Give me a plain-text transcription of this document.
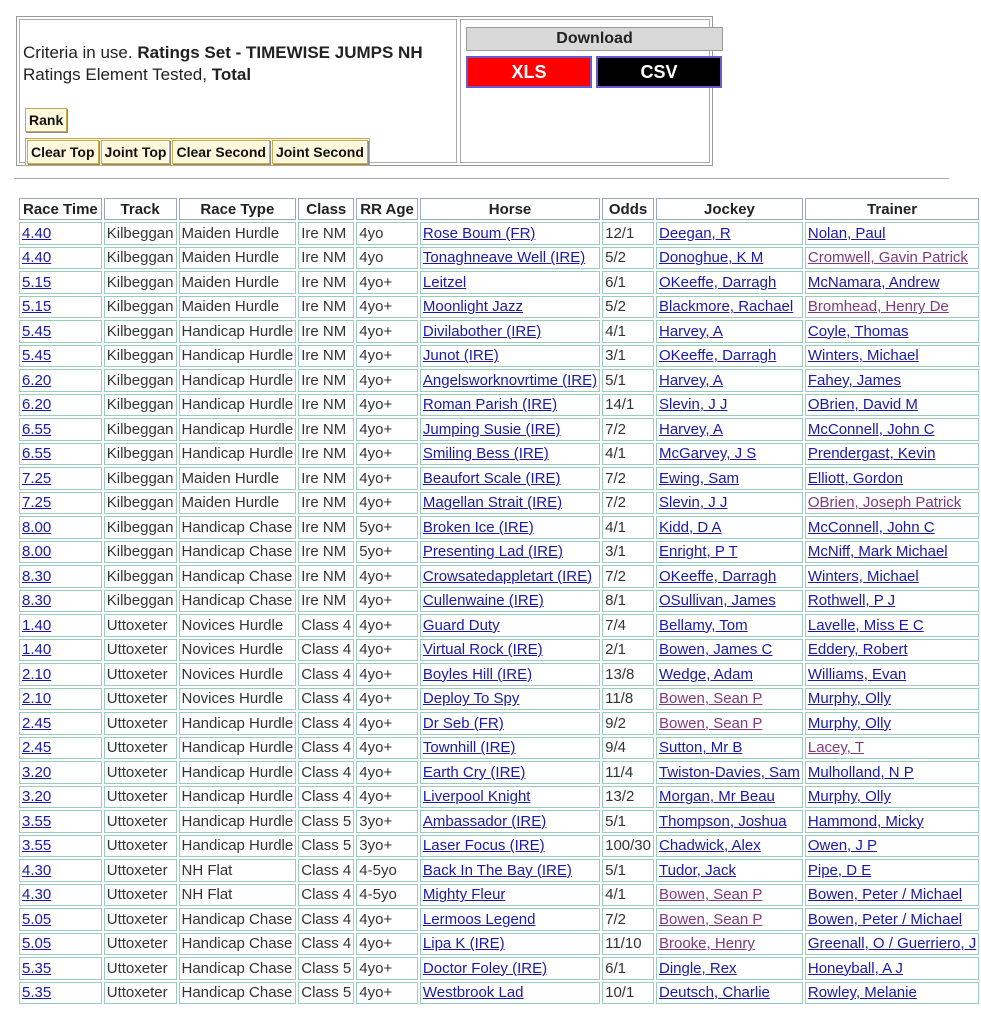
Criteria in use. Ratings Set - TIMEWISE JUMPS NH
Ratings Element Tested, Total
Rank
Clear Top Joint Top Clear Second Joint Second
Download
XLS	CSV
Race Time	Track	Race Type	Class	RR Age	Horse	Odds	Jockey	Trainer
4.40	Kilbeggan	Maiden Hurdle	Ire NM	4yo	Rose Boum (FR)	12/1	Deegan, R	Nolan, Paul
4.40	Kilbeggan	Maiden Hurdle	Ire NM	4yo	Tonaghneave Well (IRE)	5/2	Donoghue, K M	Cromwell, Gavin Patrick
5.15	Kilbeggan	Maiden Hurdle	Ire NM	4yo+	Leitzel	6/1	OKeeffe, Darragh	McNamara, Andrew
5.15	Kilbeggan	Maiden Hurdle	Ire NM	4yo+	Moonlight Jazz	5/2	Blackmore, Rachael	Bromhead, Henry De
5.45	Kilbeggan	Handicap Hurdle	Ire NM	4yo+	Divilabother (IRE)	4/1	Harvey, A	Coyle, Thomas
5.45	Kilbeggan	Handicap Hurdle	Ire NM	4yo+	Junot (IRE)	3/1	OKeeffe, Darragh	Winters, Michael
6.20	Kilbeggan	Handicap Hurdle	Ire NM	4yo+	Angelsworknovrtime (IRE)	5/1	Harvey, A	Fahey, James
6.20	Kilbeggan	Handicap Hurdle	Ire NM	4yo+	Roman Parish (IRE)	14/1	Slevin, J J	OBrien, David M
6.55	Kilbeggan	Handicap Hurdle	Ire NM	4yo+	Jumping Susie (IRE)	7/2	Harvey, A	McConnell, John C
6.55	Kilbeggan	Handicap Hurdle	Ire NM	4yo+	Smiling Bess (IRE)	4/1	McGarvey, J S	Prendergast, Kevin
7.25	Kilbeggan	Maiden Hurdle	Ire NM	4yo+	Beaufort Scale (IRE)	7/2	Ewing, Sam	Elliott, Gordon
7.25	Kilbeggan	Maiden Hurdle	Ire NM	4yo+	Magellan Strait (IRE)	7/2	Slevin, J J	OBrien, Joseph Patrick
8.00	Kilbeggan	Handicap Chase	Ire NM	5yo+	Broken Ice (IRE)	4/1	Kidd, D A	McConnell, John C
8.00	Kilbeggan	Handicap Chase	Ire NM	5yo+	Presenting Lad (IRE)	3/1	Enright, P T	McNiff, Mark Michael
8.30	Kilbeggan	Handicap Chase	Ire NM	4yo+	Crowsatedappletart (IRE)	7/2	OKeeffe, Darragh	Winters, Michael
8.30	Kilbeggan	Handicap Chase	Ire NM	4yo+	Cullenwaine (IRE)	8/1	OSullivan, James	Rothwell, P J
1.40	Uttoxeter	Novices Hurdle	Class 4	4yo+	Guard Duty	7/4	Bellamy, Tom	Lavelle, Miss E C
1.40	Uttoxeter	Novices Hurdle	Class 4	4yo+	Virtual Rock (IRE)	2/1	Bowen, James C	Eddery, Robert
2.10	Uttoxeter	Novices Hurdle	Class 4	4yo+	Boyles Hill (IRE)	13/8	Wedge, Adam	Williams, Evan
2.10	Uttoxeter	Novices Hurdle	Class 4	4yo+	Deploy To Spy	11/8	Bowen, Sean P	Murphy, Olly
2.45	Uttoxeter	Handicap Hurdle	Class 4	4yo+	Dr Seb (FR)	9/2	Bowen, Sean P	Murphy, Olly
2.45	Uttoxeter	Handicap Hurdle	Class 4	4yo+	Townhill (IRE)	9/4	Sutton, Mr B	Lacey, T
3.20	Uttoxeter	Handicap Hurdle	Class 4	4yo+	Earth Cry (IRE)	11/4	Twiston-Davies, Sam	Mulholland, N P
3.20	Uttoxeter	Handicap Hurdle	Class 4	4yo+	Liverpool Knight	13/2	Morgan, Mr Beau	Murphy, Olly
3.55	Uttoxeter	Handicap Hurdle	Class 5	3yo+	Ambassador (IRE)	5/1	Thompson, Joshua	Hammond, Micky
3.55	Uttoxeter	Handicap Hurdle	Class 5	3yo+	Laser Focus (IRE)	100/30	Chadwick, Alex	Owen, J P
4.30	Uttoxeter	NH Flat	Class 4	4-5yo	Back In The Bay (IRE)	5/1	Tudor, Jack	Pipe, D E
4.30	Uttoxeter	NH Flat	Class 4	4-5yo	Mighty Fleur	4/1	Bowen, Sean P	Bowen, Peter / Michael
5.05	Uttoxeter	Handicap Chase	Class 4	4yo+	Lermoos Legend	7/2	Bowen, Sean P	Bowen, Peter / Michael
5.05	Uttoxeter	Handicap Chase	Class 4	4yo+	Lipa K (IRE)	11/10	Brooke, Henry	Greenall, O / Guerriero, J
5.35	Uttoxeter	Handicap Chase	Class 5	4yo+	Doctor Foley (IRE)	6/1	Dingle, Rex	Honeyball, A J
5.35	Uttoxeter	Handicap Chase	Class 5	4yo+	Westbrook Lad	10/1	Deutsch, Charlie	Rowley, Melanie
